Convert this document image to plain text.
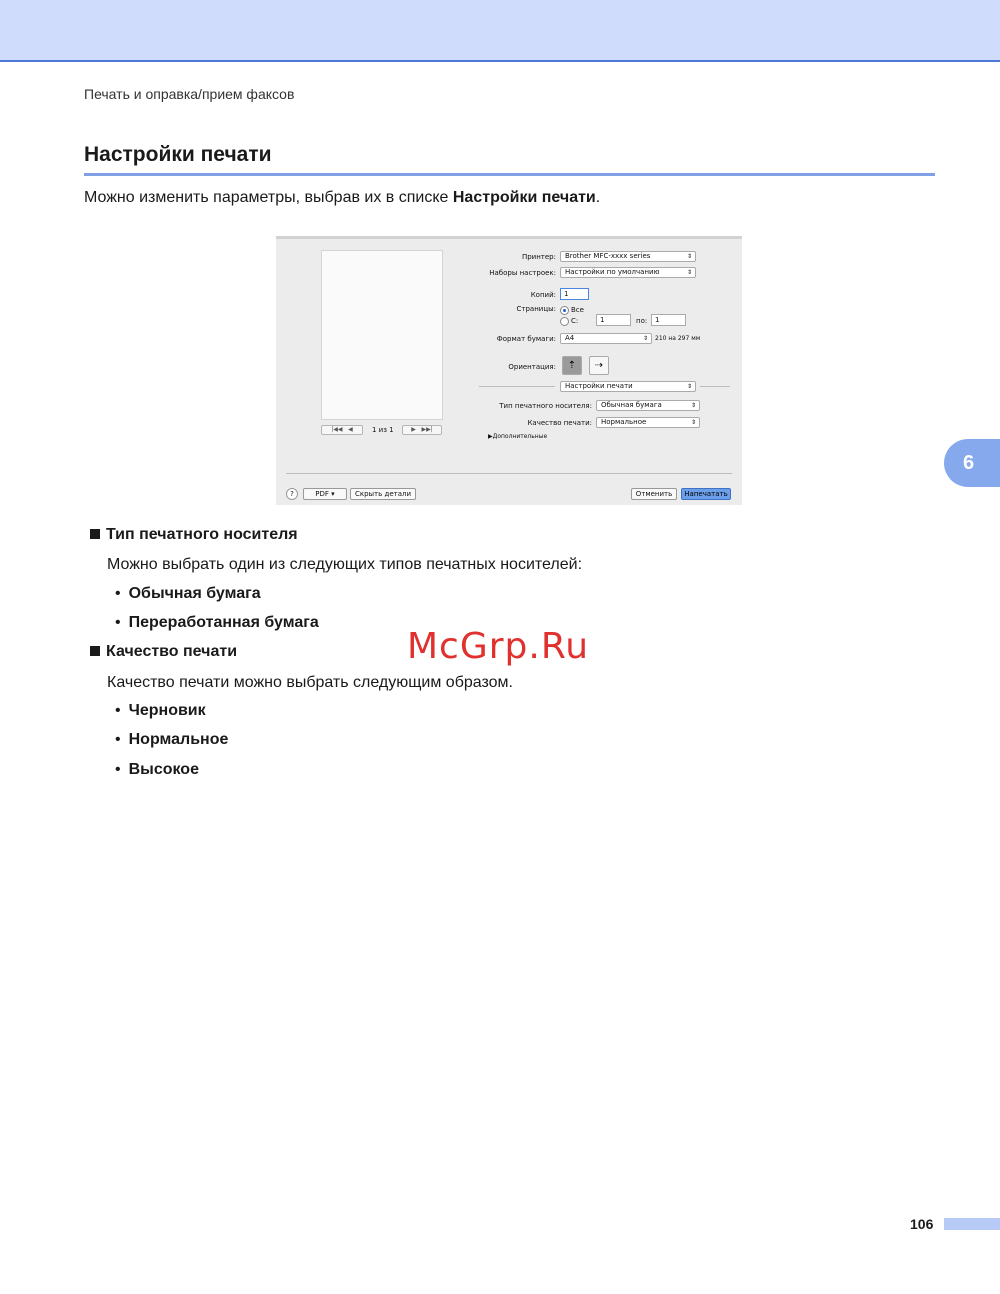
Печать и оправка/прием факсов
Настройки печати
Можно изменить параметры, выбрав их в списке Настройки печати.
|◀◀   ◀	1 из 1	▶   ▶▶|
Принтер:	Brother MFC-xxxx series	⇕
Наборы настроек:	Настройки по умолчанию	⇕
Копий:	1
Страницы: Все
С:	1	по:	1
Формат бумаги:	A4	⇕ 210 на 297 мм
Ориентация:	⇡	⇢
Настройки печати	⇕
Тип печатного носителя:	Обычная бумага	⇕
Качество печати:	Нормальное	⇕
▶Дополнительные
?	PDF ▾	Скрыть детали	Отменить	Напечатать
6
Тип печатного носителя
Можно выбрать один из следующих типов печатных носителей:
• Обычная бумага
• Переработанная бумага
Качество печати
Качество печати можно выбрать следующим образом.
• Черновик
• Нормальное
• Высокое
McGrp.Ru
106
